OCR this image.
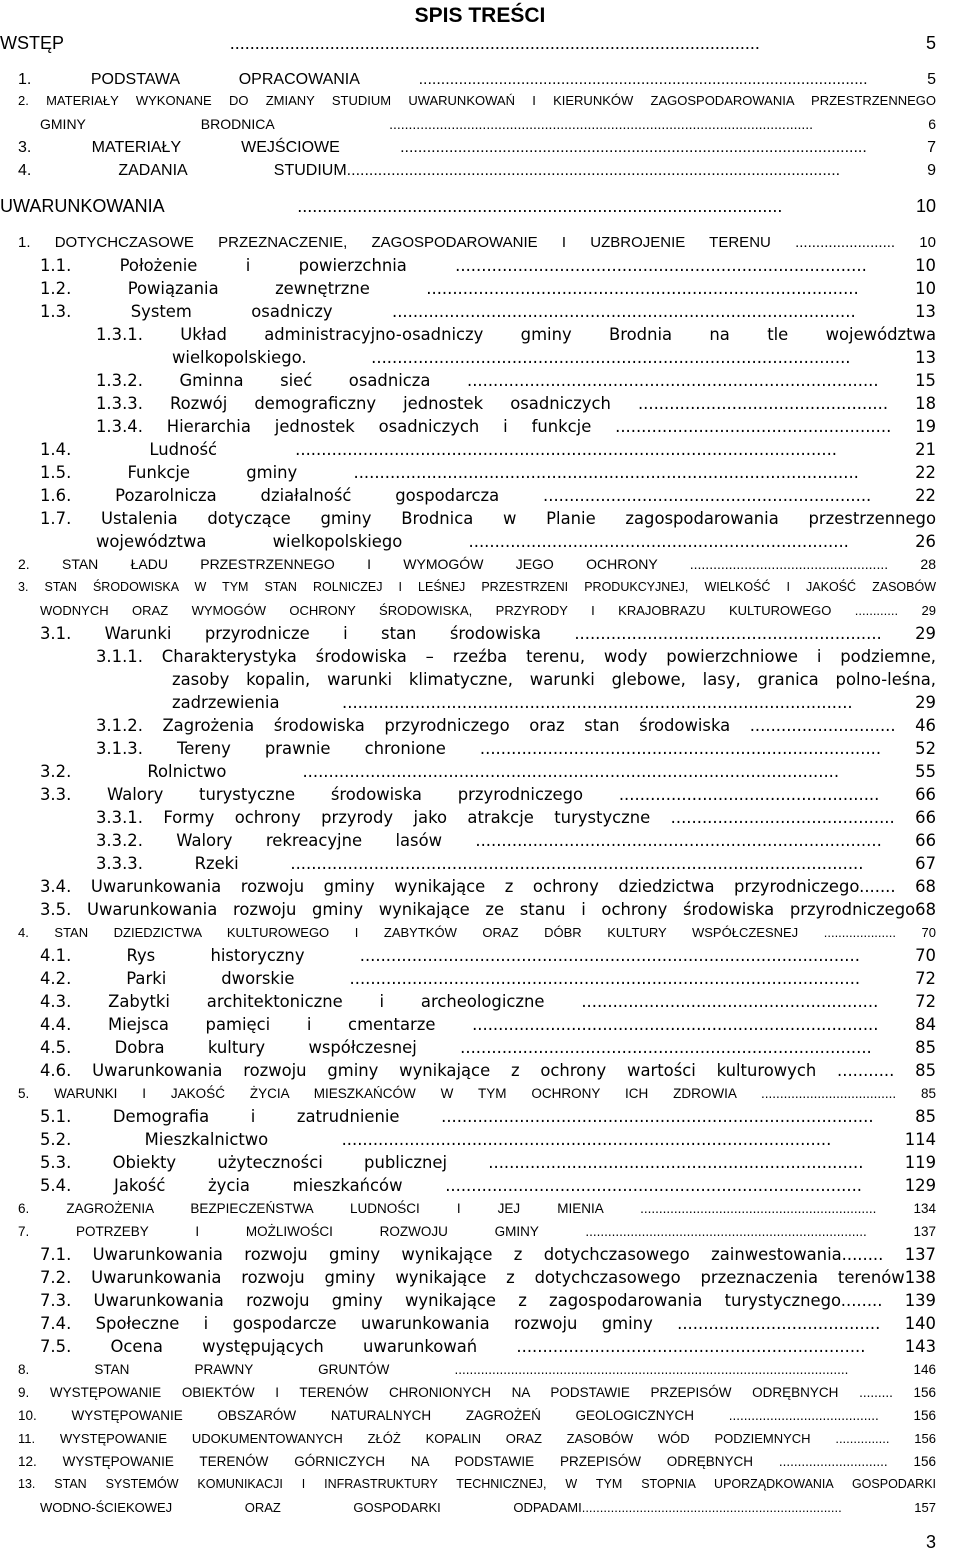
SPIS TREŚCI
WSTĘP .......................................................................................................... 5
1. PODSTAWA OPRACOWANIA ..................................................................................................... 5
2. MATERIAŁY WYKONANE DO ZMIANY STUDIUM UWARUNKOWAŃ I KIERUNKÓW ZAGOSPODAROWANIA PRZESTRZENNEGO
GMINY BRODNICA ............................................................................................................. 6
3. MATERIAŁY WEJŚCIOWE ......................................................................................................... 7
4. ZADANIA STUDIUM............................................................................................................... 9
UWARUNKOWANIA ................................................................................................. 10
1. DOTYCHCZASOWE PRZEZNACZENIE, ZAGOSPODAROWANIE I UZBROJENIE TERENU ........................ 10
1.1. Położenie i powierzchnia ............................................................................... 10
1.2. Powiązania zewnętrzne ................................................................................... 10
1.3. System osadniczy ......................................................................................... 13
1.3.1. Układ administracyjno-osadniczy gminy Brodnia na tle województwa
wielkopolskiego. ............................................................................................ 13
1.3.2. Gminna sieć osadnicza ............................................................................... 15
1.3.3. Rozwój demograficzny jednostek osadniczych ................................................ 18
1.3.4. Hierarchia jednostek osadniczych i funkcje ..................................................... 19
1.4. Ludność ........................................................................................................ 21
1.5. Funkcje gminy ................................................................................................. 22
1.6. Pozarolnicza działalność gospodarcza ............................................................... 22
1.7. Ustalenia dotyczące gminy Brodnica w Planie zagospodarowania przestrzennego
województwa wielkopolskiego ......................................................................... 26
2. STAN ŁADU PRZESTRZENNEGO I WYMOGÓW JEGO OCHRONY ................................................... 28
3. STAN ŚRODOWISKA W TYM STAN ROLNICZEJ I LEŚNEJ PRZESTRZENI PRODUKCYJNEJ, WIELKOŚĆ I JAKOŚĆ ZASOBÓW
WODNYCH ORAZ WYMOGÓW OCHRONY ŚRODOWISKA, PRZYRODY I KRAJOBRAZU KULTUROWEGO ............ 29
3.1. Warunki przyrodnicze i stan środowiska ........................................................... 29
3.1.1. Charakterystyka środowiska – rzeźba terenu, wody powierzchniowe i podziemne,
zasoby kopalin, warunki klimatyczne, warunki glebowe, lasy, granica polno-leśna,
zadrzewienia .................................................................................................. 29
3.1.2. Zagrożenia środowiska przyrodniczego oraz stan środowiska ............................ 46
3.1.3. Tereny prawnie chronione ............................................................................. 52
3.2. Rolnictwo ....................................................................................................... 55
3.3. Walory turystyczne środowiska przyrodniczego .................................................. 66
3.3.1. Formy ochrony przyrody jako atrakcje turystyczne ........................................... 66
3.3.2. Walory rekreacyjne lasów .............................................................................. 66
3.3.3. Rzeki .............................................................................................................. 67
3.4. Uwarunkowania rozwoju gminy wynikające z ochrony dziedzictwa przyrodniczego....... 68
3.5. Uwarunkowania rozwoju gminy wynikające ze stanu i ochrony środowiska przyrodniczego68
4. STAN DZIEDZICTWA KULTUROWEGO I ZABYTKÓW ORAZ DÓBR KULTURY WSPÓŁCZESNEJ .................... 70
4.1. Rys historyczny ................................................................................................ 70
4.2. Parki dworskie .................................................................................................. 72
4.3. Zabytki architektoniczne i archeologiczne ......................................................... 72
4.4. Miejsca pamięci i cmentarze .............................................................................. 84
4.5. Dobra kultury współczesnej ............................................................................... 85
4.6. Uwarunkowania rozwoju gminy wynikające z ochrony wartości kulturowych ........... 85
5. WARUNKI I JAKOŚĆ ŻYCIA MIESZKAŃCÓW W TYM OCHRONY ICH ZDROWIA .................................... 85
5.1. Demografia i zatrudnienie ................................................................................... 85
5.2. Mieszkalnictwo .............................................................................................. 114
5.3. Obiekty użyteczności publicznej ........................................................................ 119
5.4. Jakość życia mieszkańców ................................................................................ 129
6. ZAGROŻENIA BEZPIECZEŃSTWA LUDNOŚCI I JEJ MIENIA ............................................................... 134
7. POTRZEBY I MOŻLIWOŚCI ROZWOJU GMINY ........................................................................... 137
7.1. Uwarunkowania rozwoju gminy wynikające z dotychczasowego zainwestowania........ 137
7.2. Uwarunkowania rozwoju gminy wynikające z dotychczasowego przeznaczenia terenów138
7.3. Uwarunkowania rozwoju gminy wynikające z zagospodarowania turystycznego........ 139
7.4. Społeczne i gospodarcze uwarunkowania rozwoju gminy ....................................... 140
7.5. Ocena występujących uwarunkowań ................................................................... 143
8. STAN PRAWNY GRUNTÓW ......................................................................................................... 146
9. WYSTĘPOWANIE OBIEKTÓW I TERENÓW CHRONIONYCH NA PODSTAWIE PRZEPISÓW ODRĘBNYCH ......... 156
10. WYSTĘPOWANIE OBSZARÓW NATURALNYCH ZAGROŻEŃ GEOLOGICZNYCH ........................................ 156
11. WYSTĘPOWANIE UDOKUMENTOWANYCH ZŁÓŻ KOPALIN ORAZ ZASOBÓW WÓD PODZIEMNYCH ............... 156
12. WYSTĘPOWANIE TERENÓW GÓRNICZYCH NA PODSTAWIE PRZEPISÓW ODRĘBNYCH ............................. 156
13. STAN SYSTEMÓW KOMUNIKACJI I INFRASTRUKTURY TECHNICZNEJ, W TYM STOPNIA UPORZĄDKOWANIA GOSPODARKI
WODNO-ŚCIEKOWEJ ORAZ GOSPODARKI ODPADAMI........................................................................ 157
3
